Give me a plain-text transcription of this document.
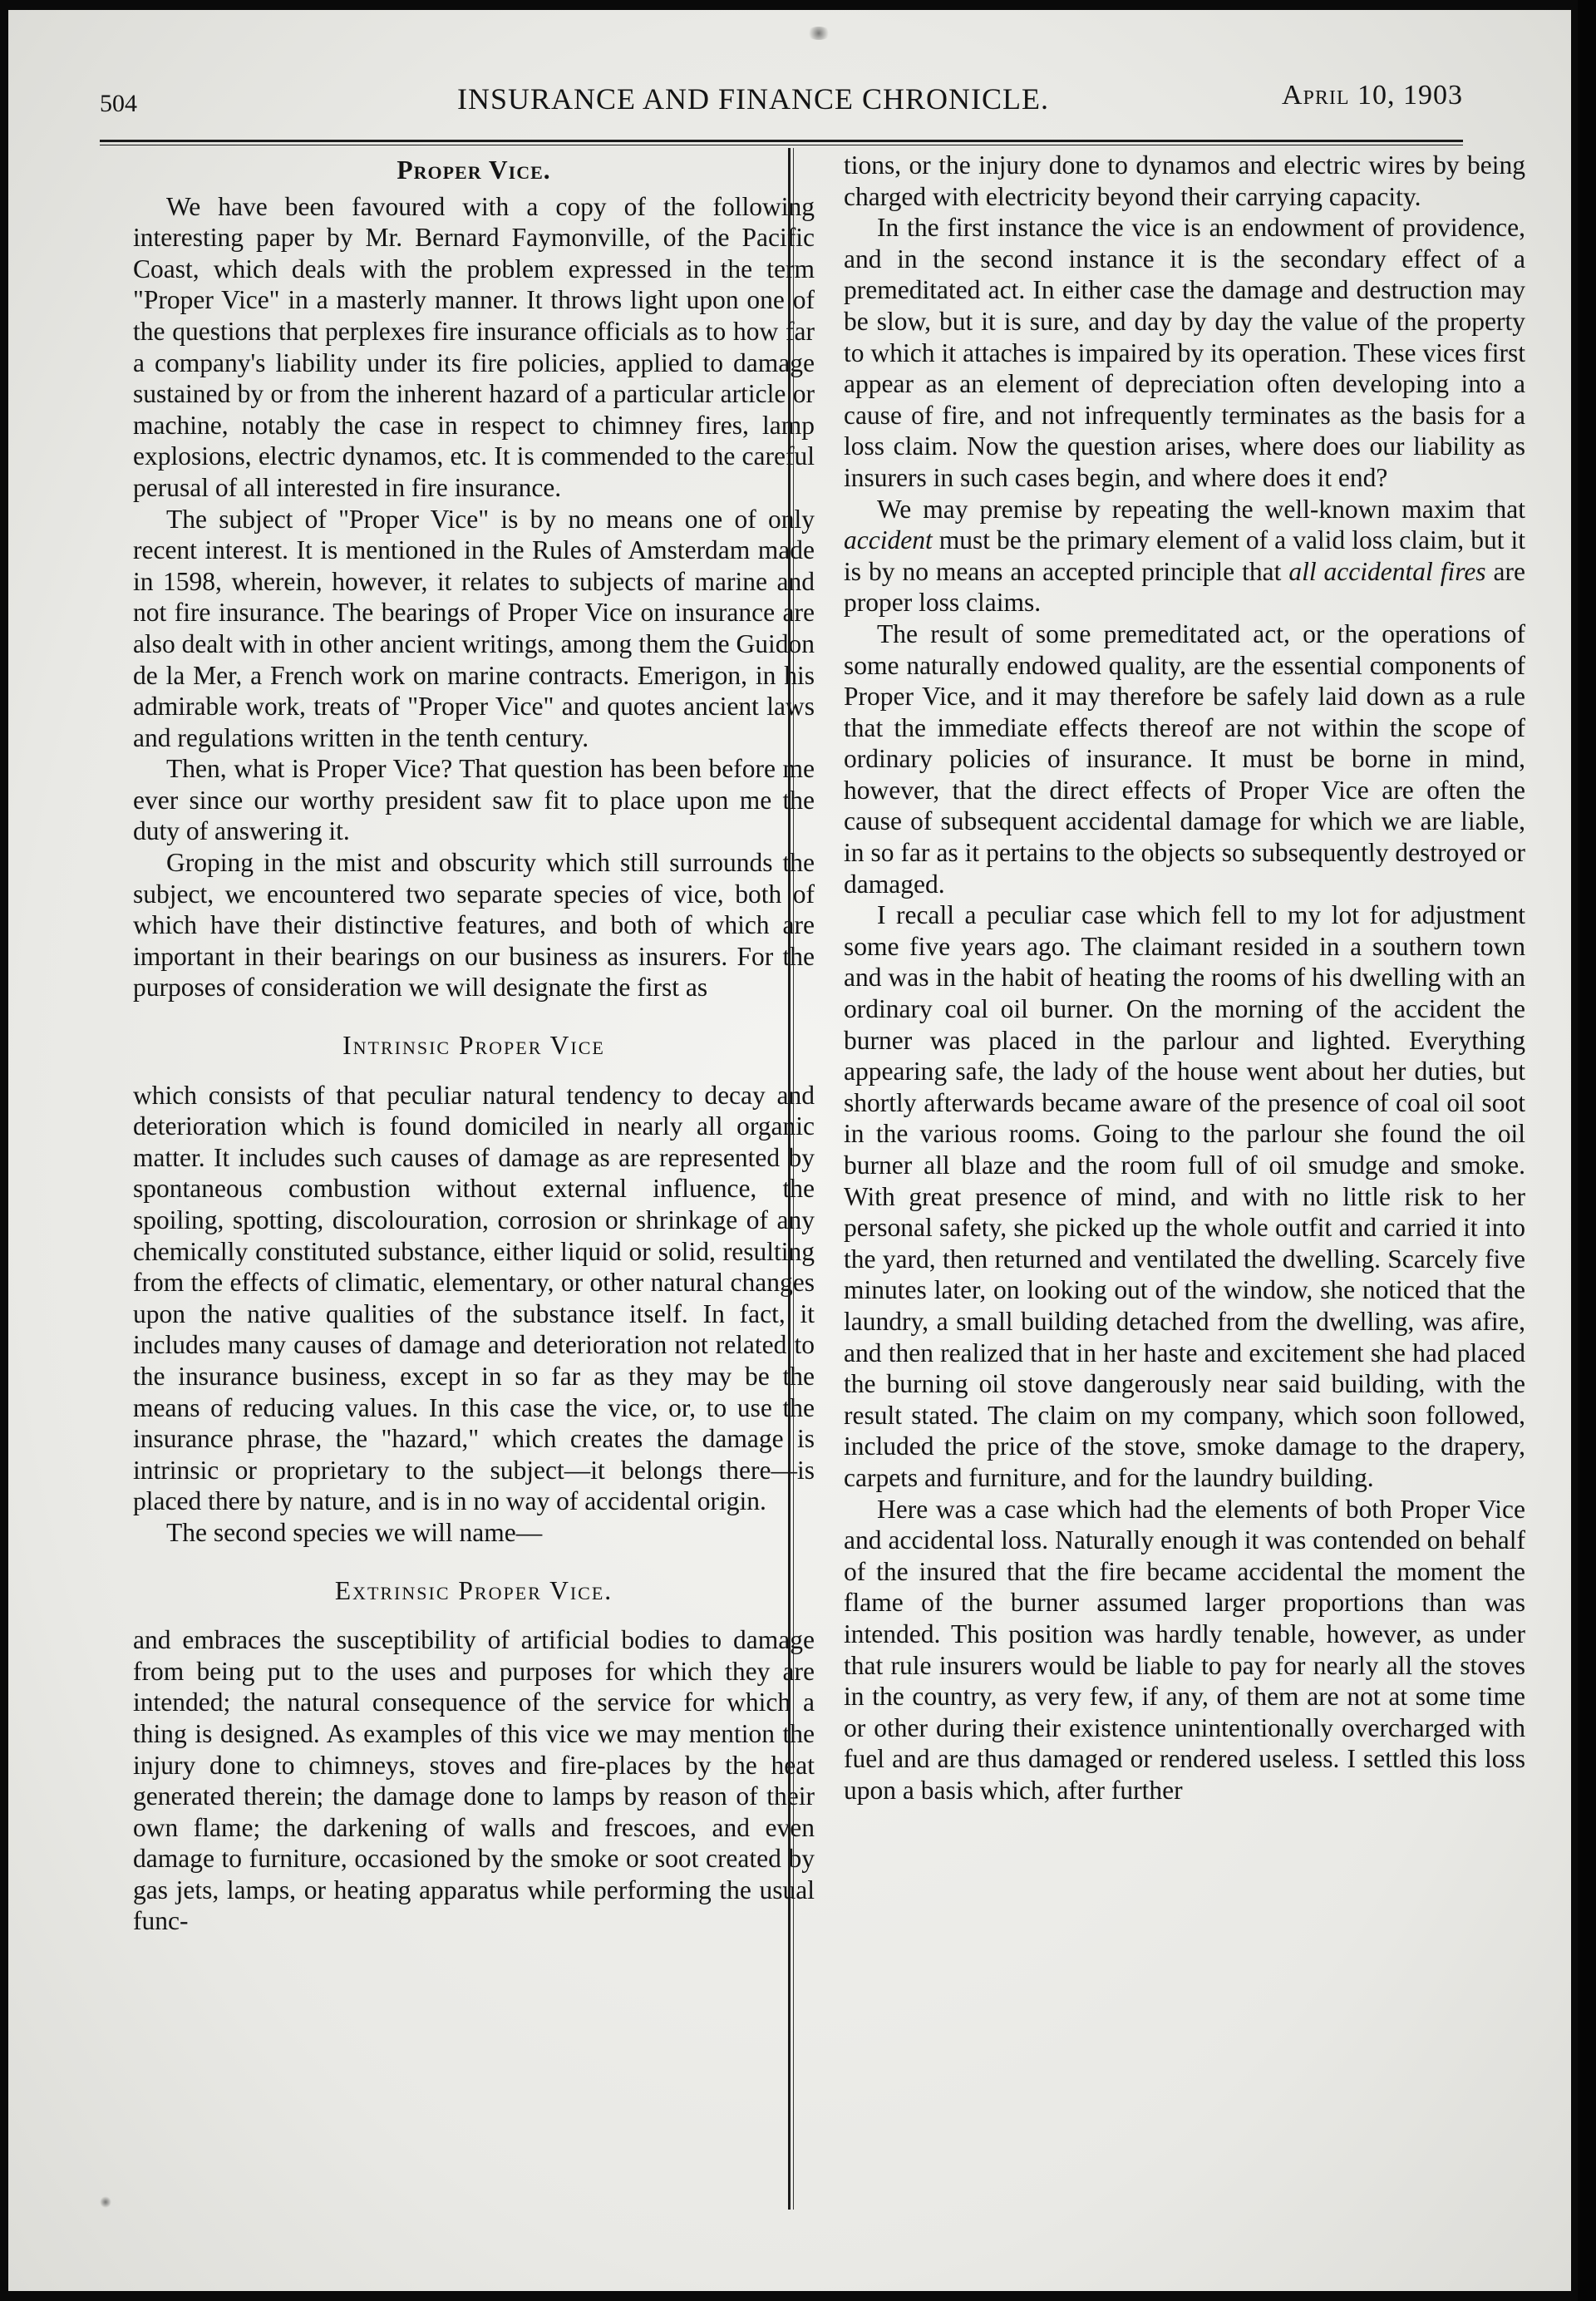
504	INSURANCE AND FINANCE CHRONICLE.	April 10, 1903
Proper Vice.

We have been favoured with a copy of the following interesting paper by Mr. Bernard Faymonville, of the Pacific Coast, which deals with the problem expressed in the term "Proper Vice" in a masterly manner. It throws light upon one of the questions that perplexes fire insurance officials as to how far a company's liability under its fire policies, applied to damage sustained by or from the inherent hazard of a particular article or machine, notably the case in respect to chimney fires, lamp explosions, electric dynamos, etc. It is commended to the careful perusal of all interested in fire insurance.

The subject of "Proper Vice" is by no means one of only recent interest. It is mentioned in the Rules of Amsterdam made in 1598, wherein, however, it relates to subjects of marine and not fire insurance. The bearings of Proper Vice on insurance are also dealt with in other ancient writings, among them the Guidon de la Mer, a French work on marine contracts. Emerigon, in his admirable work, treats of "Proper Vice" and quotes ancient laws and regulations written in the tenth century.

Then, what is Proper Vice? That question has been before me ever since our worthy president saw fit to place upon me the duty of answering it.

Groping in the mist and obscurity which still surrounds the subject, we encountered two separate species of vice, both of which have their distinctive features, and both of which are important in their bearings on our business as insurers. For the purposes of consideration we will designate the first as

Intrinsic Proper Vice

which consists of that peculiar natural tendency to decay and deterioration which is found domiciled in nearly all organic matter. It includes such causes of damage as are represented by spontaneous combustion without external influence, the spoiling, spotting, discolouration, corrosion or shrinkage of any chemically constituted substance, either liquid or solid, resulting from the effects of climatic, elementary, or other natural changes upon the native qualities of the substance itself. In fact, it includes many causes of damage and deterioration not related to the insurance business, except in so far as they may be the means of reducing values. In this case the vice, or, to use the insurance phrase, the "hazard," which creates the damage is intrinsic or proprietary to the subject—it belongs there—is placed there by nature, and is in no way of accidental origin.

The second species we will name—

Extrinsic Proper Vice.

and embraces the susceptibility of artificial bodies to damage from being put to the uses and purposes for which they are intended; the natural consequence of the service for which a thing is designed. As examples of this vice we may mention the injury done to chimneys, stoves and fire-places by the heat generated therein; the damage done to lamps by reason of their own flame; the darkening of walls and frescoes, and even damage to furniture, occasioned by the smoke or soot created by gas jets, lamps, or heating apparatus while performing the usual func-

tions, or the injury done to dynamos and electric wires by being charged with electricity beyond their carrying capacity.

In the first instance the vice is an endowment of providence, and in the second instance it is the secondary effect of a premeditated act. In either case the damage and destruction may be slow, but it is sure, and day by day the value of the property to which it attaches is impaired by its operation. These vices first appear as an element of depreciation often developing into a cause of fire, and not infrequently terminates as the basis for a loss claim. Now the question arises, where does our liability as insurers in such cases begin, and where does it end?

We may premise by repeating the well-known maxim that accident must be the primary element of a valid loss claim, but it is by no means an accepted principle that all accidental fires are proper loss claims.

The result of some premeditated act, or the operations of some naturally endowed quality, are the essential components of Proper Vice, and it may therefore be safely laid down as a rule that the immediate effects thereof are not within the scope of ordinary policies of insurance. It must be borne in mind, however, that the direct effects of Proper Vice are often the cause of subsequent accidental damage for which we are liable, in so far as it pertains to the objects so subsequently destroyed or damaged.

I recall a peculiar case which fell to my lot for adjustment some five years ago. The claimant resided in a southern town and was in the habit of heating the rooms of his dwelling with an ordinary coal oil burner. On the morning of the accident the burner was placed in the parlour and lighted. Everything appearing safe, the lady of the house went about her duties, but shortly afterwards became aware of the presence of coal oil soot in the various rooms. Going to the parlour she found the oil burner all blaze and the room full of oil smudge and smoke. With great presence of mind, and with no little risk to her personal safety, she picked up the whole outfit and carried it into the yard, then returned and ventilated the dwelling. Scarcely five minutes later, on looking out of the window, she noticed that the laundry, a small building detached from the dwelling, was afire, and then realized that in her haste and excitement she had placed the burning oil stove dangerously near said building, with the result stated. The claim on my company, which soon followed, included the price of the stove, smoke damage to the drapery, carpets and furniture, and for the laundry building.

Here was a case which had the elements of both Proper Vice and accidental loss. Naturally enough it was contended on behalf of the insured that the fire became accidental the moment the flame of the burner assumed larger proportions than was intended. This position was hardly tenable, however, as under that rule insurers would be liable to pay for nearly all the stoves in the country, as very few, if any, of them are not at some time or other during their existence unintentionally overcharged with fuel and are thus damaged or rendered useless. I settled this loss upon a basis which, after further
